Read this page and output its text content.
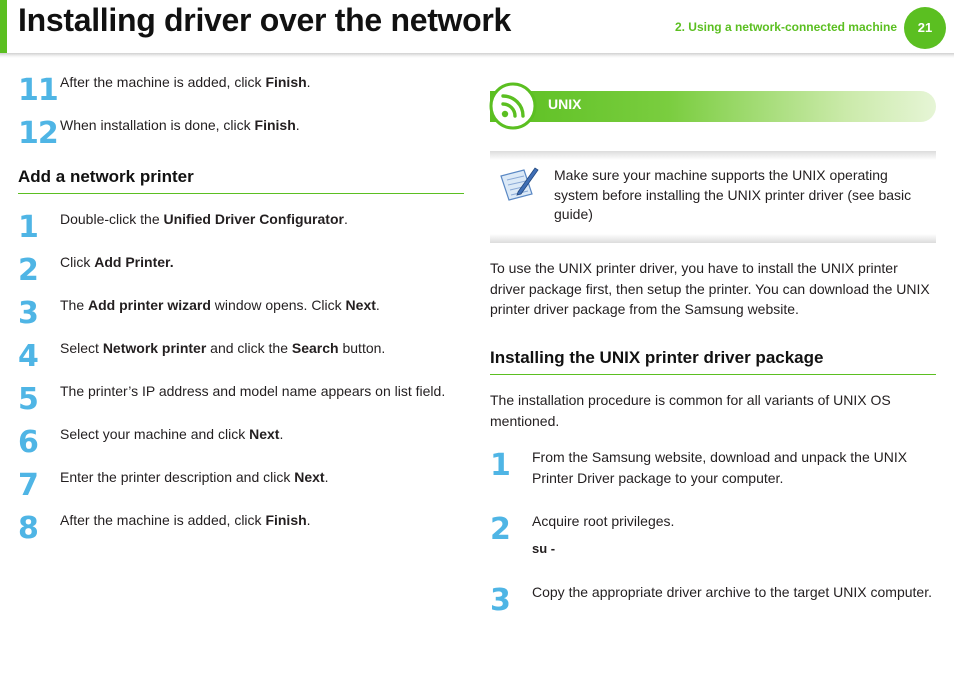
Installing driver over the network	2. Using a network-connected machine	21
11 After the machine is added, click Finish.
12 When installation is done, click Finish.
Add a network printer
1	Double-click the Unified Driver Configurator.
2	Click Add Printer.
3	The Add printer wizard window opens. Click Next.
4	Select Network printer and click the Search button.
5	The printer’s IP address and model name appears on list field.
6	Select your machine and click Next.
7	Enter the printer description and click Next.
8	After the machine is added, click Finish.
UNIX
Make sure your machine supports the UNIX operating system before installing the UNIX printer driver (see basic guide)
To use the UNIX printer driver, you have to install the UNIX printer driver package first, then setup the printer. You can download the UNIX printer driver package from the Samsung website.
Installing the UNIX printer driver package
The installation procedure is common for all variants of UNIX OS mentioned.
1	From the Samsung website, download and unpack the UNIX Printer Driver package to your computer.
2	Acquire root privileges.
su -
3	Copy the appropriate driver archive to the target UNIX computer.
